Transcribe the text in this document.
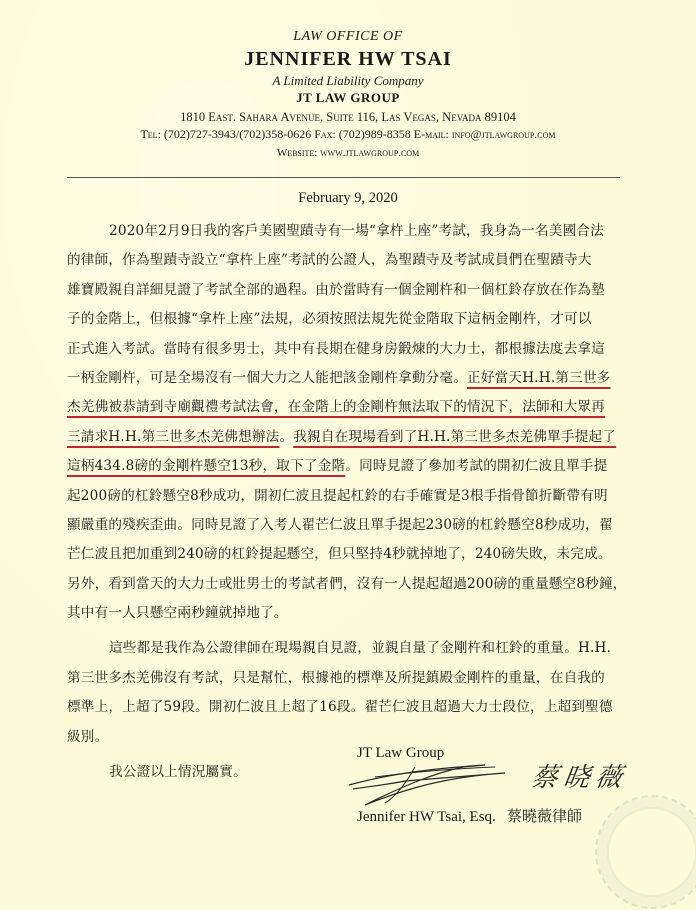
LAW OFFICE OF
JENNIFER HW TSAI
A Limited Liability Company
JT LAW GROUP
1810 East. Sahara Avenue, Suite 116, Las Vegas, Nevada 89104
Tel: (702)727-3943/(702)358-0626 Fax: (702)989-8358 E-mail: info@jtlawgroup.com
Website: www.jtlawgroup.com
February 9, 2020
2020年2月9日我的客戶美國聖蹟寺有一場“拿杵上座”考試，我身為一名美國合法
的律師，作為聖蹟寺設立“拿杵上座”考試的公證人，為聖蹟寺及考試成員們在聖蹟寺大
雄寶殿親自詳細見證了考試全部的過程。由於當時有一個金剛杵和一個杠鈴存放在作為墊
子的金階上，但根據“拿杵上座”法規，必須按照法規先從金階取下這柄金剛杵，才可以
正式進入考試。當時有很多男士，其中有長期在健身房鍛煉的大力士，都根據法度去拿這
一柄金剛杵，可是全場沒有一個大力之人能把該金剛杵拿動分毫。正好當天H.H.第三世多
杰羌佛被恭請到寺廟觀禮考試法會，在金階上的金剛杵無法取下的情況下，法師和大眾再
三請求H.H.第三世多杰羌佛想辦法。我親自在現場看到了H.H.第三世多杰羌佛單手提起了
這柄434.8磅的金剛杵懸空13秒，取下了金階。同時見證了參加考試的開初仁波且單手提
起200磅的杠鈴懸空8秒成功，開初仁波且提起杠鈴的右手確實是3根手指骨節折斷帶有明
顯嚴重的殘疾歪曲。同時見證了入考人翟芒仁波且單手提起230磅的杠鈴懸空8秒成功，翟
芒仁波且把加重到240磅的杠鈴提起懸空，但只堅持4秒就掉地了，240磅失敗，未完成。
另外，看到當天的大力士或壯男士的考試者們，沒有一人提起超過200磅的重量懸空8秒鐘，
其中有一人只懸空兩秒鐘就掉地了。
這些都是我作為公證律師在現場親自見證，並親自量了金剛杵和杠鈴的重量。H.H.
第三世多杰羌佛沒有考試，只是幫忙，根據祂的標準及所提鎮殿金剛杵的重量，在自我的
標準上，上超了59段。開初仁波且上超了16段。翟芒仁波且超過大力士段位，上超到聖德
級別。
我公證以上情況屬實。
JT Law Group
蔡晓薇
Jennifer HW Tsai, Esq. 蔡曉薇律師
